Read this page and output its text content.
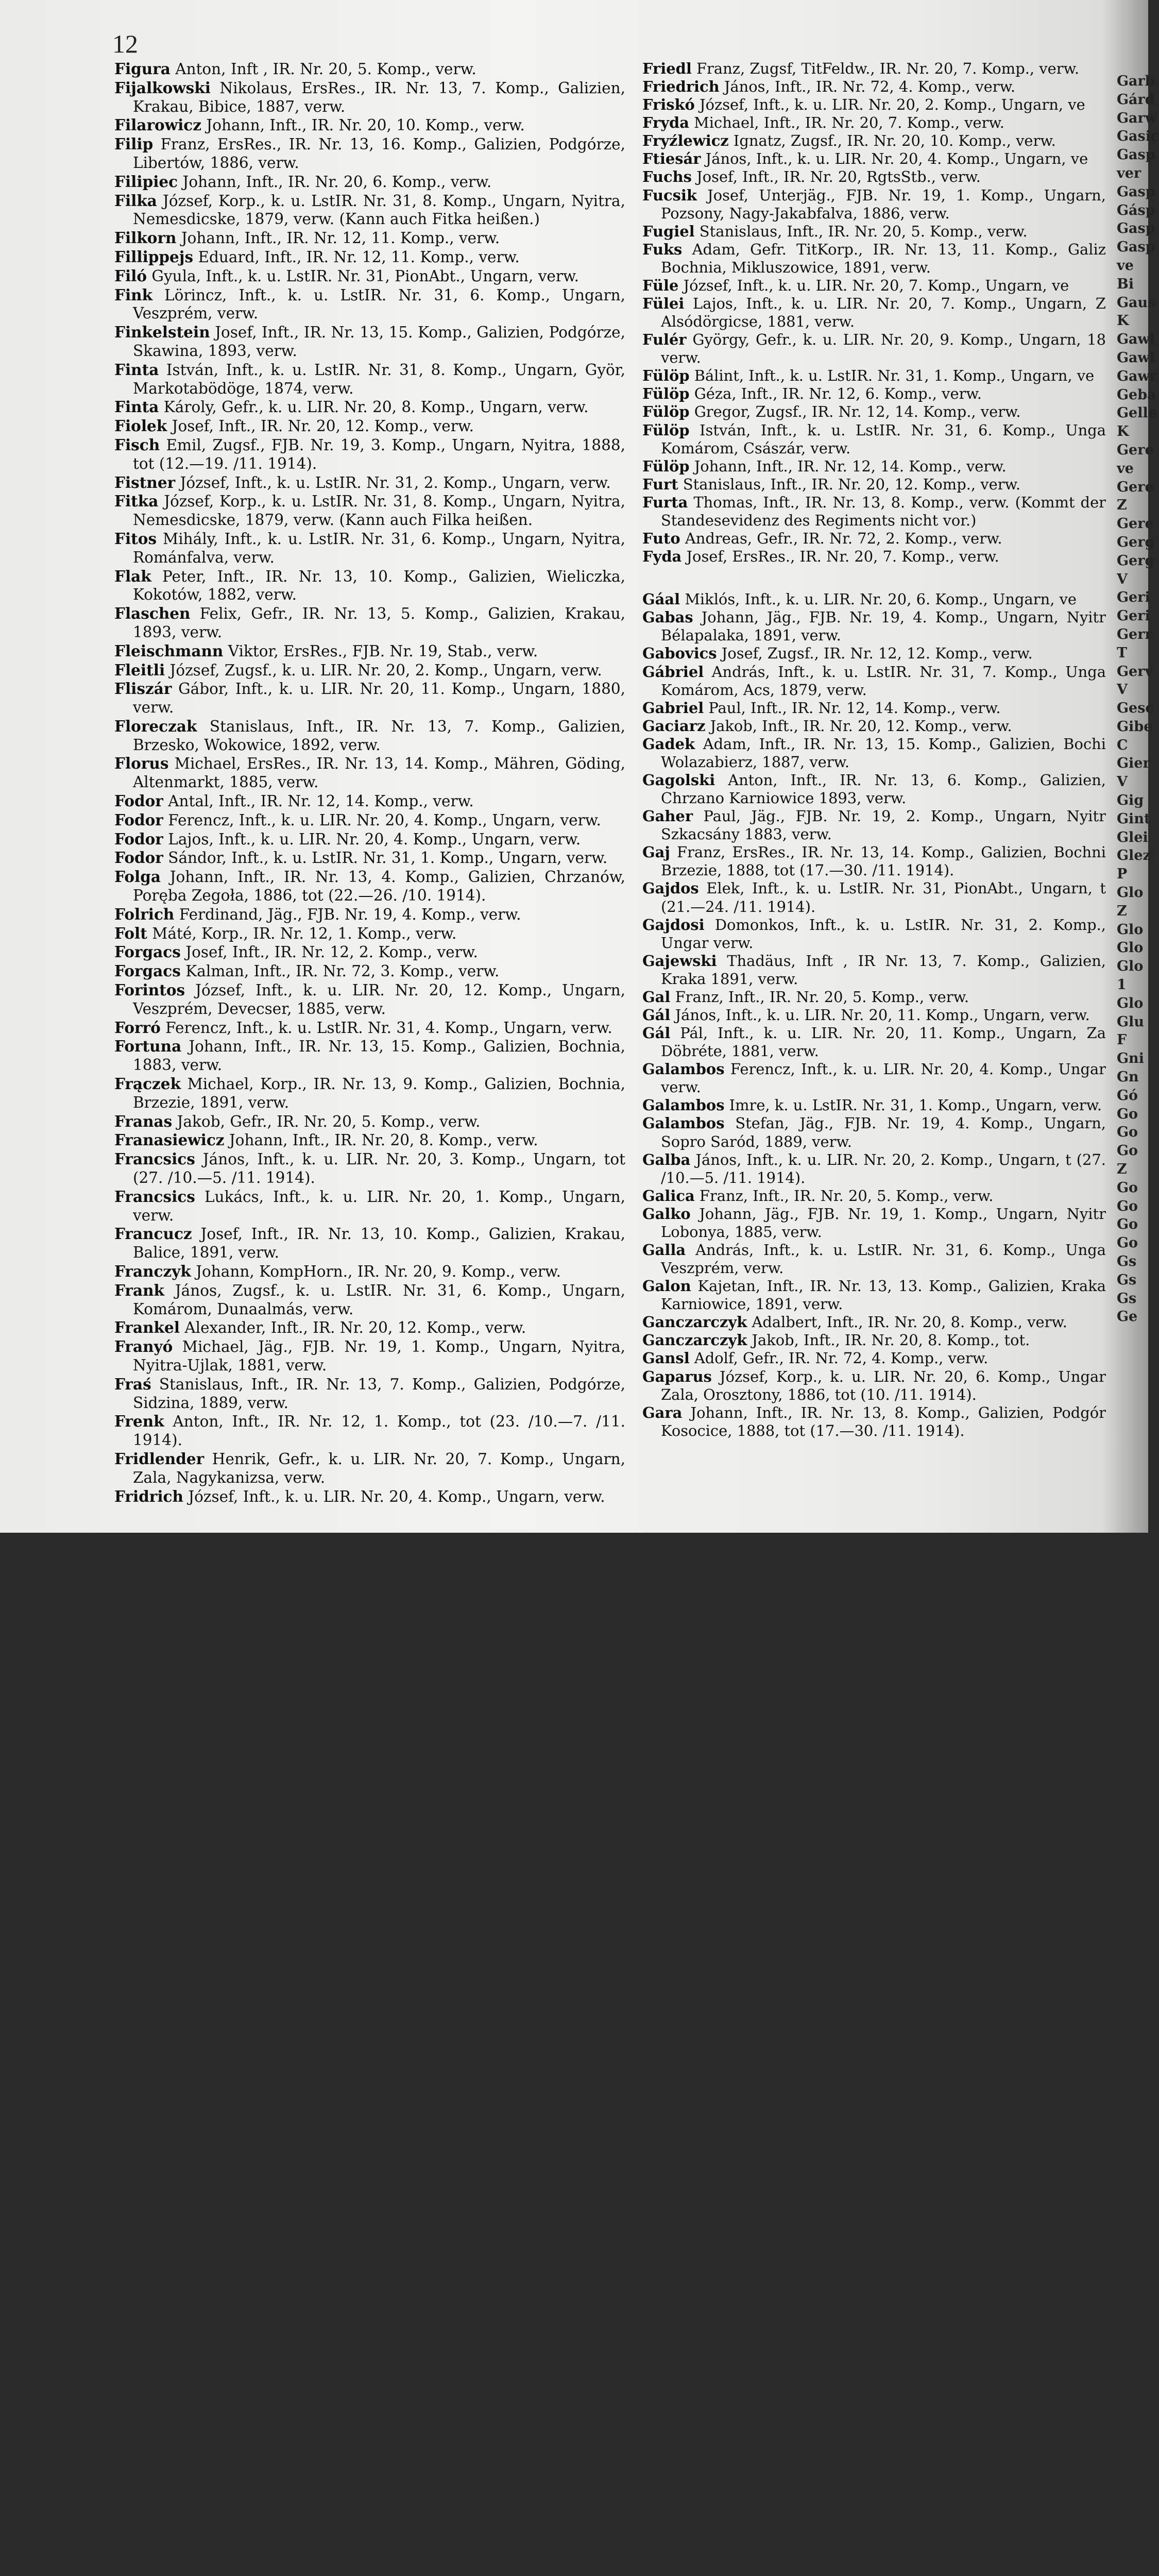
12
Figura Anton, Inft , IR. Nr. 20, 5. Komp., verw.
Fijalkowski Nikolaus, ErsRes., IR. Nr. 13, 7. Komp., Galizien, Krakau, Bibice, 1887, verw.
Filarowicz Johann, Inft., IR. Nr. 20, 10. Komp., verw.
Filip Franz, ErsRes., IR. Nr. 13, 16. Komp., Galizien, Podgórze, Libertów, 1886, verw.
Filipiec Johann, Inft., IR. Nr. 20, 6. Komp., verw.
Filka József, Korp., k. u. LstIR. Nr. 31, 8. Komp., Ungarn, Nyitra, Nemesdicske, 1879, verw. (Kann auch Fitka heißen.)
Filkorn Johann, Inft., IR. Nr. 12, 11. Komp., verw.
Fillippejs Eduard, Inft., IR. Nr. 12, 11. Komp., verw.
Filó Gyula, Inft., k. u. LstIR. Nr. 31, PionAbt., Ungarn, verw.
Fink Lörincz, Inft., k. u. LstIR. Nr. 31, 6. Komp., Ungarn, Veszprém, verw.
Finkelstein Josef, Inft., IR. Nr. 13, 15. Komp., Galizien, Podgórze, Skawina, 1893, verw.
Finta István, Inft., k. u. LstIR. Nr. 31, 8. Komp., Ungarn, Györ, Markotabödöge, 1874, verw.
Finta Károly, Gefr., k. u. LIR. Nr. 20, 8. Komp., Ungarn, verw.
Fiolek Josef, Inft., IR. Nr. 20, 12. Komp., verw.
Fisch Emil, Zugsf., FJB. Nr. 19, 3. Komp., Ungarn, Nyitra, 1888, tot (12.—19. /11. 1914).
Fistner József, Inft., k. u. LstIR. Nr. 31, 2. Komp., Ungarn, verw.
Fitka József, Korp., k. u. LstIR. Nr. 31, 8. Komp., Ungarn, Nyitra, Nemesdicske, 1879, verw. (Kann auch Filka heißen.
Fitos Mihály, Inft., k. u. LstIR. Nr. 31, 6. Komp., Ungarn, Nyitra, Románfalva, verw.
Flak Peter, Inft., IR. Nr. 13, 10. Komp., Galizien, Wieliczka, Kokotów, 1882, verw.
Flaschen Felix, Gefr., IR. Nr. 13, 5. Komp., Galizien, Krakau, 1893, verw.
Fleischmann Viktor, ErsRes., FJB. Nr. 19, Stab., verw.
Fleitli József, Zugsf., k. u. LIR. Nr. 20, 2. Komp., Ungarn, verw.
Fliszár Gábor, Inft., k. u. LIR. Nr. 20, 11. Komp., Ungarn, 1880, verw.
Floreczak Stanislaus, Inft., IR. Nr. 13, 7. Komp., Galizien, Brzesko, Wokowice, 1892, verw.
Florus Michael, ErsRes., IR. Nr. 13, 14. Komp., Mähren, Göding, Altenmarkt, 1885, verw.
Fodor Antal, Inft., IR. Nr. 12, 14. Komp., verw.
Fodor Ferencz, Inft., k. u. LIR. Nr. 20, 4. Komp., Ungarn, verw.
Fodor Lajos, Inft., k. u. LIR. Nr. 20, 4. Komp., Ungarn, verw.
Fodor Sándor, Inft., k. u. LstIR. Nr. 31, 1. Komp., Ungarn, verw.
Folga Johann, Inft., IR. Nr. 13, 4. Komp., Galizien, Chrzanów, Poręba Zegoła, 1886, tot (22.—26. /10. 1914).
Folrich Ferdinand, Jäg., FJB. Nr. 19, 4. Komp., verw.
Folt Máté, Korp., IR. Nr. 12, 1. Komp., verw.
Forgacs Josef, Inft., IR. Nr. 12, 2. Komp., verw.
Forgacs Kalman, Inft., IR. Nr. 72, 3. Komp., verw.
Forintos József, Inft., k. u. LIR. Nr. 20, 12. Komp., Ungarn, Veszprém, Devecser, 1885, verw.
Forró Ferencz, Inft., k. u. LstIR. Nr. 31, 4. Komp., Ungarn, verw.
Fortuna Johann, Inft., IR. Nr. 13, 15. Komp., Galizien, Bochnia, 1883, verw.
Frączek Michael, Korp., IR. Nr. 13, 9. Komp., Galizien, Bochnia, Brzezie, 1891, verw.
Franas Jakob, Gefr., IR. Nr. 20, 5. Komp., verw.
Franasiewicz Johann, Inft., IR. Nr. 20, 8. Komp., verw.
Francsics János, Inft., k. u. LIR. Nr. 20, 3. Komp., Ungarn, tot (27. /10.—5. /11. 1914).
Francsics Lukács, Inft., k. u. LIR. Nr. 20, 1. Komp., Ungarn, verw.
Francucz Josef, Inft., IR. Nr. 13, 10. Komp., Galizien, Krakau, Balice, 1891, verw.
Franczyk Johann, KompHorn., IR. Nr. 20, 9. Komp., verw.
Frank János, Zugsf., k. u. LstIR. Nr. 31, 6. Komp., Ungarn, Komárom, Dunaalmás, verw.
Frankel Alexander, Inft., IR. Nr. 20, 12. Komp., verw.
Franyó Michael, Jäg., FJB. Nr. 19, 1. Komp., Ungarn, Nyitra, Nyitra-Ujlak, 1881, verw.
Fraś Stanislaus, Inft., IR. Nr. 13, 7. Komp., Galizien, Podgórze, Sidzina, 1889, verw.
Frenk Anton, Inft., IR. Nr. 12, 1. Komp., tot (23. /10.—7. /11. 1914).
Fridlender Henrik, Gefr., k. u. LIR. Nr. 20, 7. Komp., Ungarn, Zala, Nagykanizsa, verw.
Fridrich József, Inft., k. u. LIR. Nr. 20, 4. Komp., Ungarn, verw.
Friedl Franz, Zugsf, TitFeldw., IR. Nr. 20, 7. Komp., verw.
Friedrich János, Inft., IR. Nr. 72, 4. Komp., verw.
Friskó József, Inft., k. u. LIR. Nr. 20, 2. Komp., Ungarn, ve
Fryda Michael, Inft., IR. Nr. 20, 7. Komp., verw.
Fryźlewicz Ignatz, Zugsf., IR. Nr. 20, 10. Komp., verw.
Ftiesár János, Inft., k. u. LIR. Nr. 20, 4. Komp., Ungarn, ve
Fuchs Josef, Inft., IR. Nr. 20, RgtsStb., verw.
Fucsik Josef, Unterjäg., FJB. Nr. 19, 1. Komp., Ungarn, Pozsony, Nagy-Jakabfalva, 1886, verw.
Fugiel Stanislaus, Inft., IR. Nr. 20, 5. Komp., verw.
Fuks Adam, Gefr. TitKorp., IR. Nr. 13, 11. Komp., Galiz Bochnia, Mikluszowice, 1891, verw.
Füle József, Inft., k. u. LIR. Nr. 20, 7. Komp., Ungarn, ve
Fülei Lajos, Inft., k. u. LIR. Nr. 20, 7. Komp., Ungarn, Z Alsódörgicse, 1881, verw.
Fulér György, Gefr., k. u. LIR. Nr. 20, 9. Komp., Ungarn, 18 verw.
Fülöp Bálint, Inft., k. u. LstIR. Nr. 31, 1. Komp., Ungarn, ve
Fülöp Géza, Inft., IR. Nr. 12, 6. Komp., verw.
Fülöp Gregor, Zugsf., IR. Nr. 12, 14. Komp., verw.
Fülöp István, Inft., k. u. LstIR. Nr. 31, 6. Komp., Unga Komárom, Császár, verw.
Fülöp Johann, Inft., IR. Nr. 12, 14. Komp., verw.
Furt Stanislaus, Inft., IR. Nr. 20, 12. Komp., verw.
Furta Thomas, Inft., IR. Nr. 13, 8. Komp., verw. (Kommt der Standesevidenz des Regiments nicht vor.)
Futo Andreas, Gefr., IR. Nr. 72, 2. Komp., verw.
Fyda Josef, ErsRes., IR. Nr. 20, 7. Komp., verw.
Gáal Miklós, Inft., k. u. LIR. Nr. 20, 6. Komp., Ungarn, ve
Gabas Johann, Jäg., FJB. Nr. 19, 4. Komp., Ungarn, Nyitr Bélapalaka, 1891, verw.
Gabovics Josef, Zugsf., IR. Nr. 12, 12. Komp., verw.
Gábriel András, Inft., k. u. LstIR. Nr. 31, 7. Komp., Unga Komárom, Acs, 1879, verw.
Gabriel Paul, Inft., IR. Nr. 12, 14. Komp., verw.
Gaciarz Jakob, Inft., IR. Nr. 20, 12. Komp., verw.
Gadek Adam, Inft., IR. Nr. 13, 15. Komp., Galizien, Bochi Wolazabierz, 1887, verw.
Gagolski Anton, Inft., IR. Nr. 13, 6. Komp., Galizien, Chrzano Karniowice 1893, verw.
Gaher Paul, Jäg., FJB. Nr. 19, 2. Komp., Ungarn, Nyitr Szkacsány 1883, verw.
Gaj Franz, ErsRes., IR. Nr. 13, 14. Komp., Galizien, Bochni Brzezie, 1888, tot (17.—30. /11. 1914).
Gajdos Elek, Inft., k. u. LstIR. Nr. 31, PionAbt., Ungarn, t (21.—24. /11. 1914).
Gajdosi Domonkos, Inft., k. u. LstIR. Nr. 31, 2. Komp., Ungar verw.
Gajewski Thadäus, Inft , IR Nr. 13, 7. Komp., Galizien, Kraka 1891, verw.
Gal Franz, Inft., IR. Nr. 20, 5. Komp., verw.
Gál János, Inft., k. u. LIR. Nr. 20, 11. Komp., Ungarn, verw.
Gál Pál, Inft., k. u. LIR. Nr. 20, 11. Komp., Ungarn, Za Döbréte, 1881, verw.
Galambos Ferencz, Inft., k. u. LIR. Nr. 20, 4. Komp., Ungar verw.
Galambos Imre, k. u. LstIR. Nr. 31, 1. Komp., Ungarn, verw.
Galambos Stefan, Jäg., FJB. Nr. 19, 4. Komp., Ungarn, Sopro Saród, 1889, verw.
Galba János, Inft., k. u. LIR. Nr. 20, 2. Komp., Ungarn, t (27. /10.—5. /11. 1914).
Galica Franz, Inft., IR. Nr. 20, 5. Komp., verw.
Galko Johann, Jäg., FJB. Nr. 19, 1. Komp., Ungarn, Nyitr Lobonya, 1885, verw.
Galla András, Inft., k. u. LstIR. Nr. 31, 6. Komp., Unga Veszprém, verw.
Galon Kajetan, Inft., IR. Nr. 13, 13. Komp., Galizien, Kraka Karniowice, 1891, verw.
Ganczarczyk Adalbert, Inft., IR. Nr. 20, 8. Komp., verw.
Ganczarczyk Jakob, Inft., IR. Nr. 20, 8. Komp., tot.
Gansl Adolf, Gefr., IR. Nr. 72, 4. Komp., verw.
Gaparus József, Korp., k. u. LIR. Nr. 20, 6. Komp., Ungar Zala, Orosztony, 1886, tot (10. /11. 1914).
Gara Johann, Inft., IR. Nr. 13, 8. Komp., Galizien, Podgór Kosocice, 1888, tot (17.—30. /11. 1914).
Garb
Gárd
Garw
Gasic
Gasp
ver
Gasp
Gásp
Gasp
Gasp
ve
Bi
Gaus
K
Gawl
Gawl
Gawr
Geba
Gelle
K
Gere
ve
Gere
Z
Gere
Gerg
Gerg
V
Geri
Geri
Gerr
T
Gerv
V
Gesc
Gibe
C
Gier
V
Gig
Gint
Glei
Glez
P
Glo
Z
Glo
Glo
Glo
1
Glo
Glu
F
Gni
Gn
Gó
Go
Go
Go
Z
Go
Go
Go
Go
Gs
Gs
Gs
Ge
